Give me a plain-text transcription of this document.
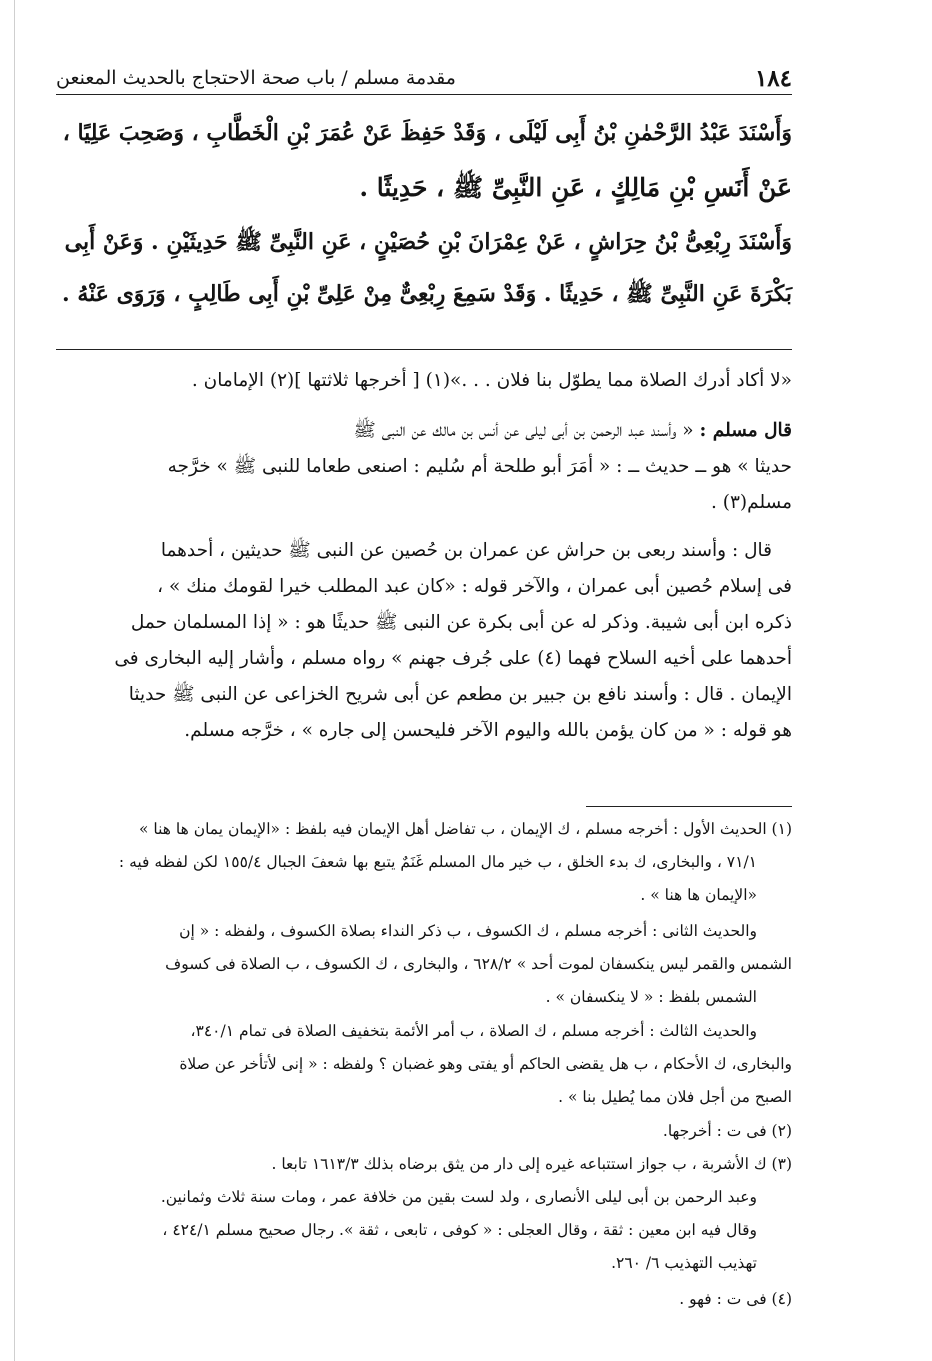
١٨٤
مقدمة مسلم / باب صحة الاحتجاج بالحديث المعنعن
وَأَسْنَدَ عَبْدُ الرَّحْمٰنِ بْنُ أَبِى لَيْلَى ، وَقَدْ حَفِظَ عَنْ عُمَرَ بْنِ الْخَطَّابِ ، وَصَحِبَ عَلِيًا ،
عَنْ أَنَسِ بْنِ مَالِكٍ ، عَنِ النَّبِىِّ ﷺ ، حَدِيثًا .
وَأَسْنَدَ رِبْعِىُّ بْنُ حِرَاشٍ ، عَنْ عِمْرَانَ بْنِ حُصَيْنٍ ، عَنِ النَّبِىِّ ﷺ حَدِيثَيْنِ . وَعَنْ أَبِى
بَكْرَةَ عَنِ النَّبِىِّ ﷺ ، حَدِيثًا . وَقَدْ سَمِعَ رِبْعِىٌّ مِنْ عَلِىِّ بْنِ أَبِى طَالِبٍ ، وَرَوَى عَنْهُ .
«لا أكاد أدرك الصلاة مما يطوّل بنا فلان . . .»(١) [ أخرجها ثلاثتها ](٢) الإمامان .
قال مسلم : « وأسند عبد الرحمن بن أبى ليلى عن أنس بن مالك عن النبى ﷺ
حديثا » هو ــ حديث ــ : « أمَرَ أبو طلحة أم سُليم : اصنعى طعاما للنبى ﷺ » خرَّجه
مسلم(٣) .
قال : وأسند ربعى بن حراش عن عمران بن حُصين عن النبى ﷺ حديثين ، أحدهما
فى إسلام حُصين أبى عمران ، والآخر قوله : «كان عبد المطلب خيرا لقومك منك » ،
ذكره ابن أبى شيبة. وذكر له عن أبى بكرة عن النبى ﷺ حديثًا هو : « إذا المسلمان حمل
أحدهما على أخيه السلاح فهما (٤) على جُرف جهنم » رواه مسلم ، وأشار إليه البخارى فى
الإيمان . قال : وأسند نافع بن جبير بن مطعم عن أبى شريح الخزاعى عن النبى ﷺ حديثا
هو قوله : « من كان يؤمن بالله واليوم الآخر فليحسن إلى جاره » ، خرَّجه مسلم.
(١) الحديث الأول : أخرجه مسلم ، ك الإيمان ، ب تفاضل أهل الإيمان فيه بلفظ : «الإيمان يمان ها هنا »
٧١/١ ، والبخارى، ك بدء الخلق ، ب خير مال المسلم غَنَمٌ يتبع بها شعفَ الجبال ١٥٥/٤ لكن لفظه فيه :
«الإيمان ها هنا » .
والحديث الثانى : أخرجه مسلم ، ك الكسوف ، ب ذكر النداء بصلاة الكسوف ، ولفظه : « إن
الشمس والقمر ليس ينكسفان لموت أحد » ٦٢٨/٢ ، والبخارى ، ك الكسوف ، ب الصلاة فى كسوف
الشمس بلفظ : « لا ينكسفان » .
والحديث الثالث : أخرجه مسلم ، ك الصلاة ، ب أمر الأئمة بتخفيف الصلاة فى تمام ٣٤٠/١،
والبخارى، ك الأحكام ، ب هل يقضى الحاكم أو يفتى وهو غضبان ؟ ولفظه : « إنى لأتأخر عن صلاة
الصبح من أجل فلان مما يُطيل بنا » .
(٢) فى ت : أخرجها.
(٣) ك الأشربة ، ب جواز استتباعه غيره إلى دار من يثق برضاه بذلك ١٦١٣/٣ تابعا .
وعبد الرحمن بن أبى ليلى الأنصارى ، ولد لست بقين من خلافة عمر ، ومات سنة ثلاث وثمانين.
وقال فيه ابن معين : ثقة ، وقال العجلى : « كوفى ، تابعى ، ثقة ». رجال صحيح مسلم ٤٢٤/١ ،
تهذيب التهذيب ٦/ ٢٦٠.
(٤) فى ت : فهو .
